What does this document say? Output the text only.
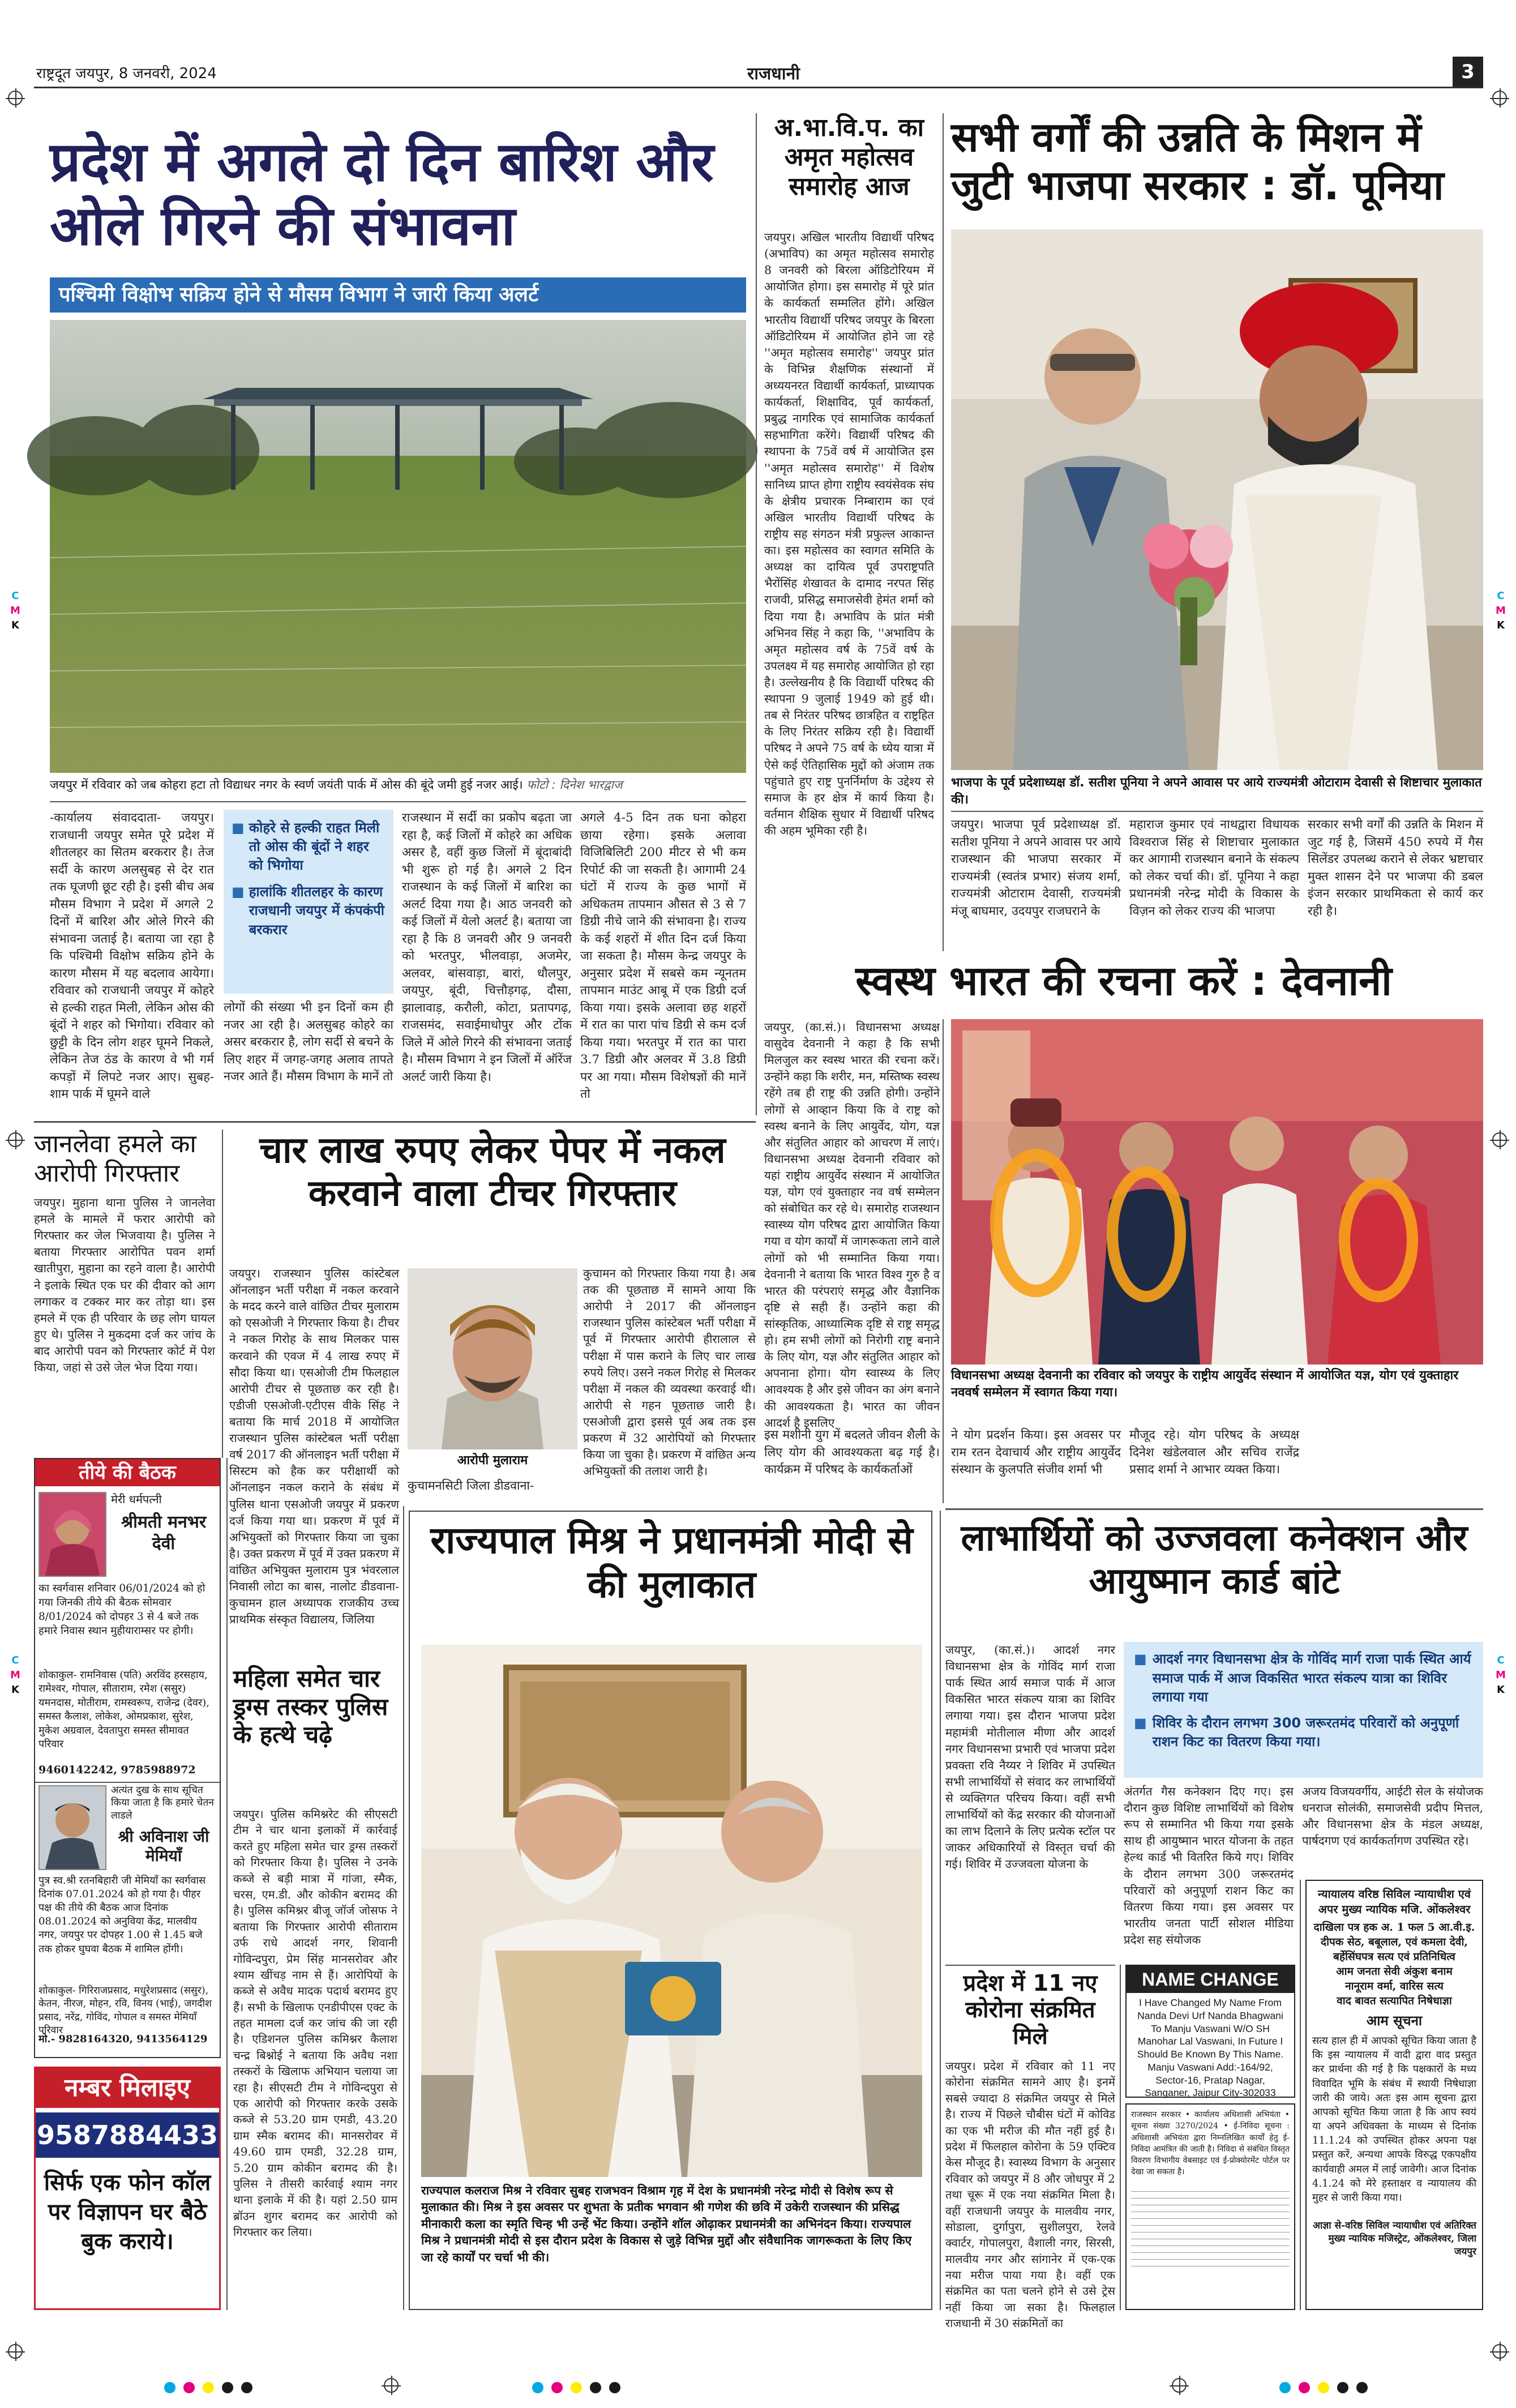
राष्ट्रदूत जयपुर, 8 जनवरी, 2024	राजधानी	3
C
M
K
C
M
K
C
M
K
C
M
K
प्रदेश में अगले दो दिन बारिश और ओले गिरने की संभावना
पश्चिमी विक्षोभ सक्रिय होने से मौसम विभाग ने जारी किया अलर्ट
जयपुर में रविवार को जब कोहरा हटा तो विद्याधर नगर के स्वर्ण जयंती पार्क में ओस की बूंदे जमी हुई नजर आई। फोटो : दिनेश भारद्वाज
-कार्यालय संवाददाता- जयपुर। राजधानी जयपुर समेत पूरे प्रदेश में शीतलहर का सितम बरकरार है। तेज सर्दी के कारण अलसुबह से देर रात तक घूजणी छूट रही है। इसी बीच अब मौसम विभाग ने प्रदेश में अगले 2 दिनों में बारिश और ओले गिरने की संभावना जताई है। बताया जा रहा है कि पश्चिमी विक्षोभ सक्रिय होने के कारण मौसम में यह बदलाव आयेगा। रविवार को राजधानी जयपुर में कोहरे से हल्की राहत मिली, लेकिन ओस की बूंदों ने शहर को भिगोया। रविवार को छुट्टी के दिन लोग शहर घूमने निकले, लेकिन तेज ठंड के कारण वे भी गर्म कपड़ों में लिपटे नजर आए। सुबह-शाम पार्क में घूमने वाले
■ कोहरे से हल्की राहत मिली तो ओस की बूंदों ने शहर को भिगोया
■ हालांकि शीतलहर के कारण राजधानी जयपुर में कंपकंपी बरकरार
लोगों की संख्या भी इन दिनों कम ही नजर आ रही है। अलसुबह कोहरे का असर बरकरार है, लोग सर्दी से बचने के लिए शहर में जगह-जगह अलाव तापते नजर आते हैं। मौसम विभाग के मानें तो
राजस्थान में सर्दी का प्रकोप बढ़ता जा रहा है, कई जिलों में कोहरे का अधिक असर है, वहीं कुछ जिलों में बूंदाबांदी भी शुरू हो गई है। अगले 2 दिन राजस्थान के कई जिलों में बारिश का अलर्ट दिया गया है। आठ जनवरी को कई जिलों में येलो अलर्ट है। बताया जा रहा है कि 8 जनवरी और 9 जनवरी को भरतपुर, भीलवाड़ा, अजमेर, अलवर, बांसवाड़ा, बारां, धौलपुर, जयपुर, बूंदी, चित्तौड़गढ़, दौसा, झालावाड़, करौली, कोटा, प्रतापगढ़, राजसमंद, सवाईमाधोपुर और टोंक जिले में ओले गिरने की संभावना जताई है। मौसम विभाग ने इन जिलों में ऑरेंज अलर्ट जारी किया है।
अगले 4-5 दिन तक घना कोहरा छाया रहेगा। इसके अलावा विजिबिलिटी 200 मीटर से भी कम रिपोर्ट की जा सकती है। आगामी 24 घंटों में राज्य के कुछ भागों में अधिकतम तापमान औसत से 3 से 7 डिग्री नीचे जाने की संभावना है। राज्य के कई शहरों में शीत दिन दर्ज किया जा सकता है। मौसम केन्द्र जयपुर के अनुसार प्रदेश में सबसे कम न्यूनतम तापमान माउंट आबू में एक डिग्री दर्ज किया गया। इसके अलावा छह शहरों में रात का पारा पांच डिग्री से कम दर्ज किया गया। भरतपुर में रात का पारा 3.7 डिग्री और अलवर में 3.8 डिग्री पर आ गया। मौसम विशेषज्ञों की मानें तो
अ.भा.वि.प. का अमृत महोत्सव समारोह आज
जयपुर। अखिल भारतीय विद्यार्थी परिषद (अभाविप) का अमृत महोत्सव समारोह 8 जनवरी को बिरला ऑडिटोरियम में आयोजित होगा। इस समारोह में पूरे प्रांत के कार्यकर्ता सम्मलित होंगे। अखिल भारतीय विद्यार्थी परिषद जयपुर के बिरला ऑडिटोरियम में आयोजित होने जा रहे ''अमृत महोत्सव समारोह'' जयपुर प्रांत के विभिन्न शैक्षणिक संस्थानों में अध्ययनरत विद्यार्थी कार्यकर्ता, प्राध्यापक कार्यकर्ता, शिक्षाविद, पूर्व कार्यकर्ता, प्रबुद्ध नागरिक एवं सामाजिक कार्यकर्ता सहभागिता करेंगे। विद्यार्थी परिषद की स्थापना के 75वें वर्ष में आयोजित इस ''अमृत महोत्सव समारोह'' में विशेष सानिध्य प्राप्त होगा राष्ट्रीय स्वयंसेवक संघ के क्षेत्रीय प्रचारक निम्बाराम का एवं अखिल भारतीय विद्यार्थी परिषद के राष्ट्रीय सह संगठन मंत्री प्रफुल्ल आकान्त का। इस महोत्सव का स्वागत समिति के अध्यक्ष का दायित्व पूर्व उपराष्ट्रपति भैरोंसिंह शेखावत के दामाद नरपत सिंह राजवी, प्रसिद्ध समाजसेवी हेमंत शर्मा को दिया गया है। अभाविप के प्रांत मंत्री अभिनव सिंह ने कहा कि, ''अभाविप के अमृत महोत्सव वर्ष के 75वें वर्ष के उपलक्ष्य में यह समारोह आयोजित हो रहा है। उल्लेखनीय है कि विद्यार्थी परिषद की स्थापना 9 जुलाई 1949 को हुई थी। तब से निरंतर परिषद छात्रहित व राष्ट्रहित के लिए निरंतर सक्रिय रही है। विद्यार्थी परिषद ने अपने 75 वर्ष के ध्येय यात्रा में ऐसे कई ऐतिहासिक मुद्दों को अंजाम तक पहुंचाते हुए राष्ट्र पुनर्निर्माण के उद्देश्य से समाज के हर क्षेत्र में कार्य किया है। वर्तमान शैक्षिक सुधार में विद्यार्थी परिषद की अहम भूमिका रही है।
सभी वर्गों की उन्नति के मिशन में जुटी भाजपा सरकार : डॉ. पूनिया
भाजपा के पूर्व प्रदेशाध्यक्ष डॉ. सतीश पूनिया ने अपने आवास पर आये राज्यमंत्री ओटाराम देवासी से शिष्टाचार मुलाकात की।
जयपुर। भाजपा पूर्व प्रदेशाध्यक्ष डॉ. सतीश पूनिया ने अपने आवास पर आये राजस्थान की भाजपा सरकार में राज्यमंत्री (स्वतंत्र प्रभार) संजय शर्मा, राज्यमंत्री ओटाराम देवासी, राज्यमंत्री मंजू बाघमार, उदयपुर राजघराने के
महाराज कुमार एवं नाथद्वारा विधायक विश्वराज सिंह से शिष्टाचार मुलाकात कर आगामी राजस्थान बनाने के संकल्प को लेकर चर्चा की। डॉ. पूनिया ने कहा प्रधानमंत्री नरेन्द्र मोदी के विकास के विज़न को लेकर राज्य की भाजपा
सरकार सभी वर्गों की उन्नति के मिशन में जुट गई है, जिसमें 450 रुपये में गैस सिलेंडर उपलब्ध कराने से लेकर भ्रष्टाचार मुक्त शासन देने पर भाजपा की डबल इंजन सरकार प्राथमिकता से कार्य कर रही है।
स्वस्थ भारत की रचना करें : देवनानी
जयपुर, (का.सं.)। विधानसभा अध्यक्ष वासुदेव देवनानी ने कहा है कि सभी मिलजुल कर स्वस्थ भारत की रचना करें। उन्होंने कहा कि शरीर, मन, मस्तिष्क स्वस्थ रहेंगे तब ही राष्ट्र की उन्नति होगी। उन्होंने लोगों से आव्हान किया कि वे राष्ट्र को स्वस्थ बनाने के लिए आयुर्वेद, योग, यज्ञ और संतुलित आहार को आचरण में लाएं। विधानसभा अध्यक्ष देवनानी रविवार को यहां राष्ट्रीय आयुर्वेद संस्थान में आयोजित यज्ञ, योग एवं युक्ताहार नव वर्ष सम्मेलन को संबोधित कर रहे थे। समारोह राजस्थान स्वास्थ्य योग परिषद द्वारा आयोजित किया गया व योग कार्यों में जागरूकता लाने वाले लोगों को भी सम्मानित किया गया। देवनानी ने बताया कि भारत विश्व गुरु है व भारत की परंपराएं समृद्ध और वैज्ञानिक दृष्टि से सही हैं। उन्होंने कहा की सांस्कृतिक, आध्यात्मिक दृष्टि से राष्ट्र समृद्ध हो। हम सभी लोगों को निरोगी राष्ट्र बनाने के लिए योग, यज्ञ और संतुलित आहार को अपनाना होगा। योग स्वास्थ्य के लिए आवश्यक है और इसे जीवन का अंग बनाने की आवश्यकता है। भारत का जीवन आदर्श है इसलिए
विधानसभा अध्यक्ष देवनानी का रविवार को जयपुर के राष्ट्रीय आयुर्वेद संस्थान में आयोजित यज्ञ, योग एवं युक्ताहार नववर्ष सम्मेलन में स्वागत किया गया।
इस मशीनी युग में बदलते जीवन शैली के लिए योग की आवश्यकता बढ़ गई है। कार्यक्रम में परिषद के कार्यकर्ताओं
ने योग प्रदर्शन किया। इस अवसर पर राम रतन देवाचार्य और राष्ट्रीय आयुर्वेद संस्थान के कुलपति संजीव शर्मा भी
मौजूद रहे। योग परिषद के अध्यक्ष दिनेश खंडेलवाल और सचिव राजेंद्र प्रसाद शर्मा ने आभार व्यक्त किया।
जानलेवा हमले का आरोपी गिरफ्तार
जयपुर। मुहाना थाना पुलिस ने जानलेवा हमले के मामले में फरार आरोपी को गिरफ्तार कर जेल भिजवाया है। पुलिस ने बताया गिरफ्तार आरोपित पवन शर्मा खातीपुरा, मुहाना का रहने वाला है। आरोपी ने इलाके स्थित एक घर की दीवार को आग लगाकर व टक्कर मार कर तोड़ा था। इस हमले में एक ही परिवार के छह लोग घायल हुए थे। पुलिस ने मुकदमा दर्ज कर जांच के बाद आरोपी पवन को गिरफ्तार कोर्ट में पेश किया, जहां से उसे जेल भेज दिया गया।
चार लाख रुपए लेकर पेपर में नकल करवाने वाला टीचर गिरफ्तार
जयपुर। राजस्थान पुलिस कांस्टेबल ऑनलाइन भर्ती परीक्षा में नकल करवाने के मदद करने वाले वांछित टीचर मुलाराम को एसओजी ने गिरफ्तार किया है। टीचर ने नकल गिरोह के साथ मिलकर पास करवाने की एवज में 4 लाख रुपए में सौदा किया था। एसओजी टीम फिलहाल आरोपी टीचर से पूछताछ कर रही है। एडीजी एसओजी-एटीएस वीके सिंह ने बताया कि मार्च 2018 में आयोजित राजस्थान पुलिस कांस्टेबल भर्ती परीक्षा वर्ष 2017 की ऑनलाइन भर्ती परीक्षा में सिस्टम को हैक कर परीक्षार्थी को ऑनलाइन नकल कराने के संबंध में पुलिस थाना एसओजी जयपुर में प्रकरण दर्ज किया गया था। प्रकरण में पूर्व में अभियुक्तों को गिरफ्तार किया जा चुका है। उक्त प्रकरण में पूर्व में उक्त प्रकरण में वांछित अभियुक्त मुलाराम पुत्र भंवरलाल निवासी लोटा का बास, नालोट डीडवाना-कुचामन हाल अध्यापक राजकीय उच्च प्राथमिक संस्कृत विद्यालय, जिलिया
आरोपी मुलाराम
कुचामनसिटी जिला डीडवाना-
कुचामन को गिरफ्तार किया गया है। अब तक की पूछताछ में सामने आया कि आरोपी ने 2017 की ऑनलाइन राजस्थान पुलिस कांस्टेबल भर्ती परीक्षा में पूर्व में गिरफ्तार आरोपी हीरालाल से परीक्षा में पास कराने के लिए चार लाख रुपये लिए। उसने नकल गिरोह से मिलकर परीक्षा में नकल की व्यवस्था करवाई थी। आरोपी से गहन पूछताछ जारी है। एसओजी द्वारा इससे पूर्व अब तक इस प्रकरण में 32 आरोपियों को गिरफ्तार किया जा चुका है। प्रकरण में वांछित अन्य अभियुक्तों की तलाश जारी है।
तीये की बैठक
मेरी धर्मपत्नी
श्रीमती मनभर देवी
का स्वर्गवास शनिवार 06/01/2024 को हो गया जिनकी तीये की बैठक सोमवार 8/01/2024 को दोपहर 3 से 4 बजे तक हमारे निवास स्थान मुहीयाराम्सर पर होगी।
शोकाकुल- रामनिवास (पति) अरविंद हरसहाय, रामेश्वर, गोपाल, सीताराम, रमेश (ससुर) यमनदास, मोतीराम, रामस्वरूप, राजेन्द्र (देवर), समस्त कैलाश, लोकेश, ओमप्रकाश, सुरेश, मुकेश अग्रवाल, देवतापुरा समस्त सीमावत परिवार
9460142242, 9785988972
अत्यंत दुख के साथ सूचित किया जाता है कि हमारे चेतन लाडले
श्री अविनाश जी मेमियाँ
पुत्र स्व.श्री रतनबिहारी जी मेमियाँ का स्वर्गवास दिनांक 07.01.2024 को हो गया है। पीहर पक्ष की तीये की बैठक आज दिनांक 08.01.2024 को अनुविया केंद्र, मालवीय नगर, जयपुर पर दोपहर 1.00 से 1.45 बजे तक होकर घुघवा बैठक में शामिल होंगी।
शोकाकुल- गिरिराजप्रसाद, मधुरेशप्रसाद (ससुर), केतन, नीरज, मोहन, रवि, विनय (भाई), जगदीश प्रसाद, नरेंद्र, गोविंद, गोपाल व समस्त मेमियाँ परिवार
मो.- 9828164320, 9413564129
नम्बर मिलाइए
9587884433
सिर्फ एक फोन कॉल पर विज्ञापन घर बैठे बुक कराये।
महिला समेत चार ड्रग्स तस्कर पुलिस के हत्थे चढ़े
जयपुर। पुलिस कमिश्नरेट की सीएसटी टीम ने चार थाना इलाकों में कार्रवाई करते हुए महिला समेत चार ड्रग्स तस्करों को गिरफ्तार किया है। पुलिस ने उनके कब्जे से बड़ी मात्रा में गांजा, स्मैक, चरस, एम.डी. और कोकीन बरामद की है। पुलिस कमिश्नर बीजू जॉर्ज जोसफ ने बताया कि गिरफ्तार आरोपी सीताराम उर्फ राधे आदर्श नगर, शिवानी गोविन्दपुरा, प्रेम सिंह मानसरोवर और श्याम खींचड़ नाम से हैं। आरोपियों के कब्जे से अवैध मादक पदार्थ बरामद हुए हैं। सभी के खिलाफ एनडीपीएस एक्ट के तहत मामला दर्ज कर जांच की जा रही है। एडिशनल पुलिस कमिश्नर कैलाश चन्द्र बिश्नोई ने बताया कि अवैध नशा तस्करों के खिलाफ अभियान चलाया जा रहा है। सीएसटी टीम ने गोविन्दपुरा से एक आरोपी को गिरफ्तार करके उसके कब्जे से 53.20 ग्राम एमडी, 43.20 ग्राम स्मैक बरामद की। मानसरोवर में 49.60 ग्राम एमडी, 32.28 ग्राम, 5.20 ग्राम कोकीन बरामद की है। पुलिस ने तीसरी कार्रवाई श्याम नगर थाना इलाके में की है। यहां 2.50 ग्राम ब्रॉउन शुगर बरामद कर आरोपी को गिरफ्तार कर लिया।
राज्यपाल मिश्र ने प्रधानमंत्री मोदी से की मुलाकात
राज्यपाल कलराज मिश्र ने रविवार सुबह राजभवन विश्राम गृह में देश के प्रधानमंत्री नरेन्द्र मोदी से विशेष रूप से मुलाकात की। मिश्र ने इस अवसर पर शुभता के प्रतीक भगवान श्री गणेश की छवि में उकेरी राजस्थान की प्रसिद्ध मीनाकारी कला का स्मृति चिन्ह भी उन्हें भेंट किया। उन्होंने शॉल ओढ़ाकर प्रधानमंत्री का अभिनंदन किया। राज्यपाल मिश्र ने प्रधानमंत्री मोदी से इस दौरान प्रदेश के विकास से जुड़े विभिन्न मुद्दों और संवैधानिक जागरूकता के लिए किए जा रहे कार्यों पर चर्चा भी की।
लाभार्थियों को उज्जवला कनेक्शन और आयुष्मान कार्ड बांटे
जयपुर, (का.सं.)। आदर्श नगर विधानसभा क्षेत्र के गोविंद मार्ग राजा पार्क स्थित आर्य समाज पार्क में आज विकसित भारत संकल्प यात्रा का शिविर लगाया गया। इस दौरान भाजपा प्रदेश महामंत्री मोतीलाल मीणा और आदर्श नगर विधानसभा प्रभारी एवं भाजपा प्रदेश प्रवक्ता रवि नैय्यर ने शिविर में उपस्थित सभी लाभार्थियों से संवाद कर लाभार्थियों से व्यक्तिगत परिचय किया। वहीं सभी लाभार्थियों को केंद्र सरकार की योजनाओं का लाभ दिलाने के लिए प्रत्येक स्टॉल पर जाकर अधिकारियों से विस्तृत चर्चा की गई। शिविर में उज्जवला योजना के
■ आदर्श नगर विधानसभा क्षेत्र के गोविंद मार्ग राजा पार्क स्थित आर्य समाज पार्क में आज विकसित भारत संकल्प यात्रा का शिविर लगाया गया
■ शिविर के दौरान लगभग 300 जरूरतमंद परिवारों को अनुपूर्णा राशन किट का वितरण किया गया।
अंतर्गत गैस कनेक्शन दिए गए। इस दौरान कुछ विशिष्ट लाभार्थियों को विशेष रूप से सम्मानित भी किया गया इसके साथ ही आयुष्मान भारत योजना के तहत हेल्थ कार्ड भी वितरित किये गए। शिविर के दौरान लगभग 300 जरूरतमंद परिवारों को अनुपूर्णा राशन किट का वितरण किया गया। इस अवसर पर भारतीय जनता पार्टी सोशल मीडिया प्रदेश सह संयोजक
अजय विजयवर्गीय, आईटी सेल के संयोजक धनराज सोलंकी, समाजसेवी प्रदीप मित्तल, और विधानसभा क्षेत्र के मंडल अध्यक्ष, पार्षदगण एवं कार्यकर्तागण उपस्थित रहे।
प्रदेश में 11 नए कोरोना संक्रमित मिले
जयपुर। प्रदेश में रविवार को 11 नए कोरोना संक्रमित सामने आए है। इनमें सबसे ज्यादा 8 संक्रमित जयपुर से मिले है। राज्य में पिछले चौबीस घंटों में कोविड का एक भी मरीज की मौत नहीं हुई है। प्रदेश में फिलहाल कोरोना के 59 एक्टिव केस मौजूद है। स्वास्थ्य विभाग के अनुसार रविवार को जयपुर में 8 और जोधपुर में 2 तथा चूरू में एक नया संक्रमित मिला है। वहीं राजधानी जयपुर के मालवीय नगर, सोडाला, दुर्गापुरा, सुशीलपुरा, रेलवे क्वार्टर, गोपालपुरा, वैशाली नगर, सिरसी, मालवीय नगर और सांगानेर में एक-एक नया मरीज पाया गया है। वहीं एक संक्रमित का पता चलने होने से उसे ट्रेस नहीं किया जा सका है। फिलहाल राजधानी में 30 संक्रमितों का
NAME CHANGE
I Have Changed My Name From Nanda Devi Urf Nanda Bhagwani To Manju Vaswani W/O SH Manohar Lal Vaswani, In Future I Should Be Known By This Name. Manju Vaswani Add:-164/92, Sector-16, Pratap Nagar, Sanganer, Jaipur City-302033
राजस्थान सरकार • कार्यालय अधिशासी अभियंता • सूचना संख्या 3270/2024 • ई-निविदा सूचना : अधिशासी अभियंता द्वारा निम्नलिखित कार्यों हेतु ई-निविदा आमंत्रित की जाती है। निविदा से संबंधित विस्तृत विवरण विभागीय वेबसाइट एवं ई-प्रोक्योरमेंट पोर्टल पर देखा जा सकता है।
न्यायालय वरिष्ठ सिविल न्यायाधीश एवं अपर मुख्य न्यायिक मजि. ओंकलेश्वर
दाखिला पत्र हक अ. 1 फल 5 आ.वी.इ.
दीपक सेठ, बबूलाल, एवं कमला देवी, बर्हेसिंघपत्र सत्य एवं प्रतिनिधित्व
आम जनता सेवी अंकुश बनाम
नानूराम वर्मा, वारिस सत्य
वाद बावत सत्यापित निषेधाज्ञा
आम सूचना
सत्य हाल ही में आपको सूचित किया जाता है कि इस न्यायालय में वादी द्वारा वाद प्रस्तुत कर प्रार्थना की गई है कि पक्षकारों के मध्य विवादित भूमि के संबंध में स्थायी निषेधाज्ञा जारी की जाये। अतः इस आम सूचना द्वारा आपको सूचित किया जाता है कि आप स्वयं या अपने अधिवक्ता के माध्यम से दिनांक 11.1.24 को उपस्थित होकर अपना पक्ष प्रस्तुत करें, अन्यथा आपके विरुद्ध एकपक्षीय कार्यवाही अमल में लाई जावेगी। आज दिनांक 4.1.24 को मेरे हस्ताक्षर व न्यायालय की मुहर से जारी किया गया।
आज्ञा से-वरिष्ठ सिविल न्यायाधीश एवं अतिरिक्त मुख्य न्यायिक मजिस्ट्रेट, ओंकलेश्वर, जिला जयपुर
